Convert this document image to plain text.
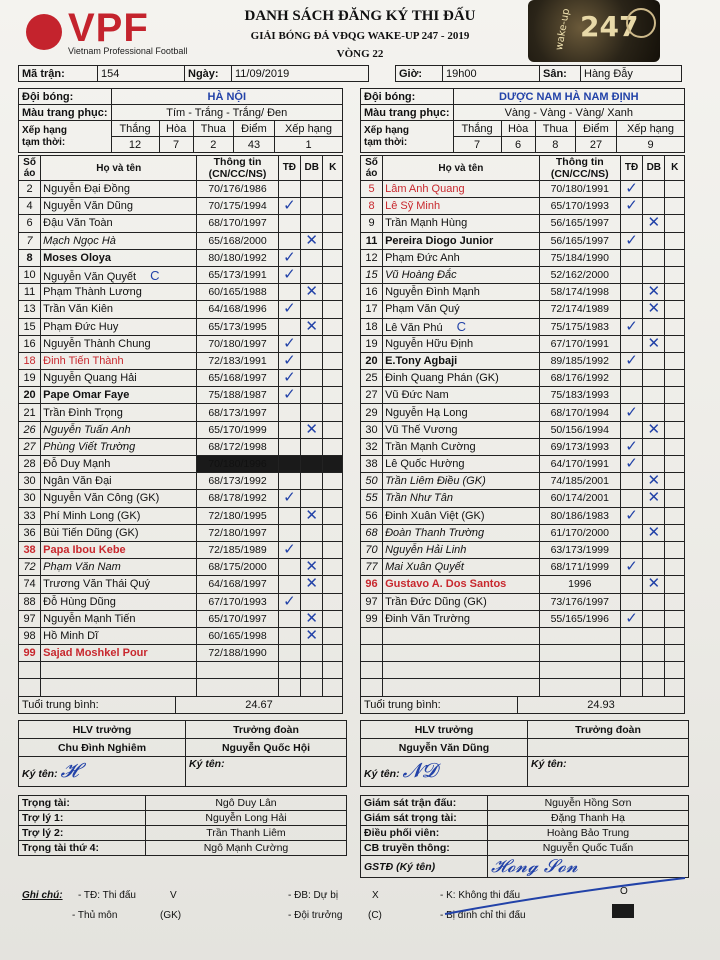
VPF
Vietnam Professional Football
DANH SÁCH ĐĂNG KÝ THI ĐẤU
GIẢI BÓNG ĐÁ VĐQG WAKE-UP 247 - 2019
VÒNG 22
wake-up 247
Mã trận:	154	Ngày:	11/09/2019		Giờ:	19h00	Sân:	Hàng Đẫy
Đội bóng:	HÀ NỘI				
Màu trang phục:	Tím - Trắng - Trắng/ Đen				
Xếp hạng
tạm thời:	Thắng	Hòa	Thua	Điểm	Xếp hạng
	12	7	2	43	1
Đội bóng:	DƯỢC NAM HÀ NAM ĐỊNH				
Màu trang phục:	Vàng - Vàng - Vàng/ Xanh				
Xếp hạng
tạm thời:	Thắng	Hòa	Thua	Điểm	Xếp hạng
	7	6	8	27	9
Số
áo	Họ và tên	Thông tin
(CN/CC/NS)	TĐ	DB	K
2	Nguyễn Đại Đồng	70/176/1986			
4	Nguyễn Văn Dũng	70/175/1994	✓		
6	Đậu Văn Toàn	68/170/1997			
7	Mạch Ngọc Hà	65/168/2000		✕	
8	Moses Oloya	80/180/1992	✓		
10	Nguyễn Văn Quyết C	65/173/1991	✓		
11	Phạm Thành Lương	60/165/1988		✕	
13	Trần Văn Kiên	64/168/1996	✓		
15	Phạm Đức Huy	65/173/1995		✕	
16	Nguyễn Thành Chung	70/180/1997	✓		
18	Đinh Tiến Thành	72/183/1991	✓		
19	Nguyễn Quang Hải	65/168/1997	✓		
20	Pape Omar Faye	75/188/1987	✓		
21	Trần Đình Trọng	68/173/1997			
26	Nguyễn Tuấn Anh	65/170/1999		✕	
27	Phùng Viết Trường	68/172/1998			
28	Đỗ Duy Mạnh	70/180/1996			
30	Ngân Văn Đại	68/173/1992			
30	Nguyễn Văn Công (GK)	68/178/1992	✓		
33	Phí Minh Long (GK)	72/180/1995		✕	
36	Bùi Tiến Dũng (GK)	72/180/1997			
38	Papa Ibou Kebe	72/185/1989	✓		
72	Phạm Văn Nam	68/175/2000		✕	
74	Trương Văn Thái Quý	64/168/1997		✕	
88	Đỗ Hùng Dũng	67/170/1993	✓		
97	Nguyễn Mạnh Tiến	65/170/1997		✕	
98	Hồ Minh Dĩ	60/165/1998		✕	
99	Sajad Moshkel Pour	72/188/1990			

Số
áo	Họ và tên	Thông tin
(CN/CC/NS)	TĐ	DB	K
5	Lâm Anh Quang	70/180/1991	✓		
8	Lê Sỹ Minh	65/170/1993	✓		
9	Trần Mạnh Hùng	56/165/1997		✕	
11	Pereira Diogo Junior	56/165/1997	✓		
12	Phạm Đức Anh	75/184/1990			
15	Vũ Hoàng Đắc	52/162/2000			
16	Nguyễn Đình Mạnh	58/174/1998		✕	
17	Phạm Văn Quý	72/174/1989		✕	
18	Lê Văn Phú C	75/175/1983	✓		
19	Nguyễn Hữu Định	67/170/1991		✕	
20	E.Tony Agbaji	89/185/1992	✓		
25	Đinh Quang Phán (GK)	68/176/1992			
27	Vũ Đức Nam	75/183/1993			
29	Nguyễn Hạ Long	68/170/1994	✓		
30	Vũ Thế Vương	50/156/1994		✕	
32	Trần Mạnh Cường	69/173/1993	✓		
38	Lê Quốc Hường	64/170/1991	✓		
50	Trần Liêm Điều (GK)	74/185/2001		✕	
55	Trần Như Tân	60/174/2001		✕	
56	Đinh Xuân Việt (GK)	80/186/1983	✓		
68	Đoàn Thanh Trường	61/170/2000		✕	
70	Nguyễn Hải Linh	63/173/1999			
77	Mai Xuân Quyết	68/171/1999	✓		
96	Gustavo A. Dos Santos	1996		✕	
97	Trần Đức Dũng (GK)	73/176/1997			
99	Đinh Văn Trường	55/165/1996	✓		

Tuổi trung bình:	24.67	Tuổi trung bình:	24.93
HLV trưởng	Trưởng đoàn
Chu Đình Nghiêm	Nguyễn Quốc Hội
Ký tên: 𝓗	Ký tên:
HLV trưởng	Trưởng đoàn
Nguyễn Văn Dũng	
Ký tên: 𝓝𝓓	Ký tên:
Trọng tài:	Ngô Duy Lân
Trợ lý 1:	Nguyễn Long Hải
Trợ lý 2:	Trần Thanh Liêm
Trọng tài thứ 4:	Ngô Mạnh Cường
Giám sát trận đấu:	Nguyễn Hồng Sơn
Giám sát trọng tài:	Đặng Thanh Hạ
Điều phối viên:	Hoàng Bảo Trung
CB truyền thông:	Nguyễn Quốc Tuấn
GSTĐ (Ký tên)	𝓗𝓸𝓷𝓰 𝓢𝓸𝓷
Ghi chú: - TĐ: Thi đấu	V	- ĐB: Dự bị	X	- K: Không thi đấu	O
- Thủ môn	(GK)	- Đội trưởng	(C)	- Bị đình chỉ thi đấu
